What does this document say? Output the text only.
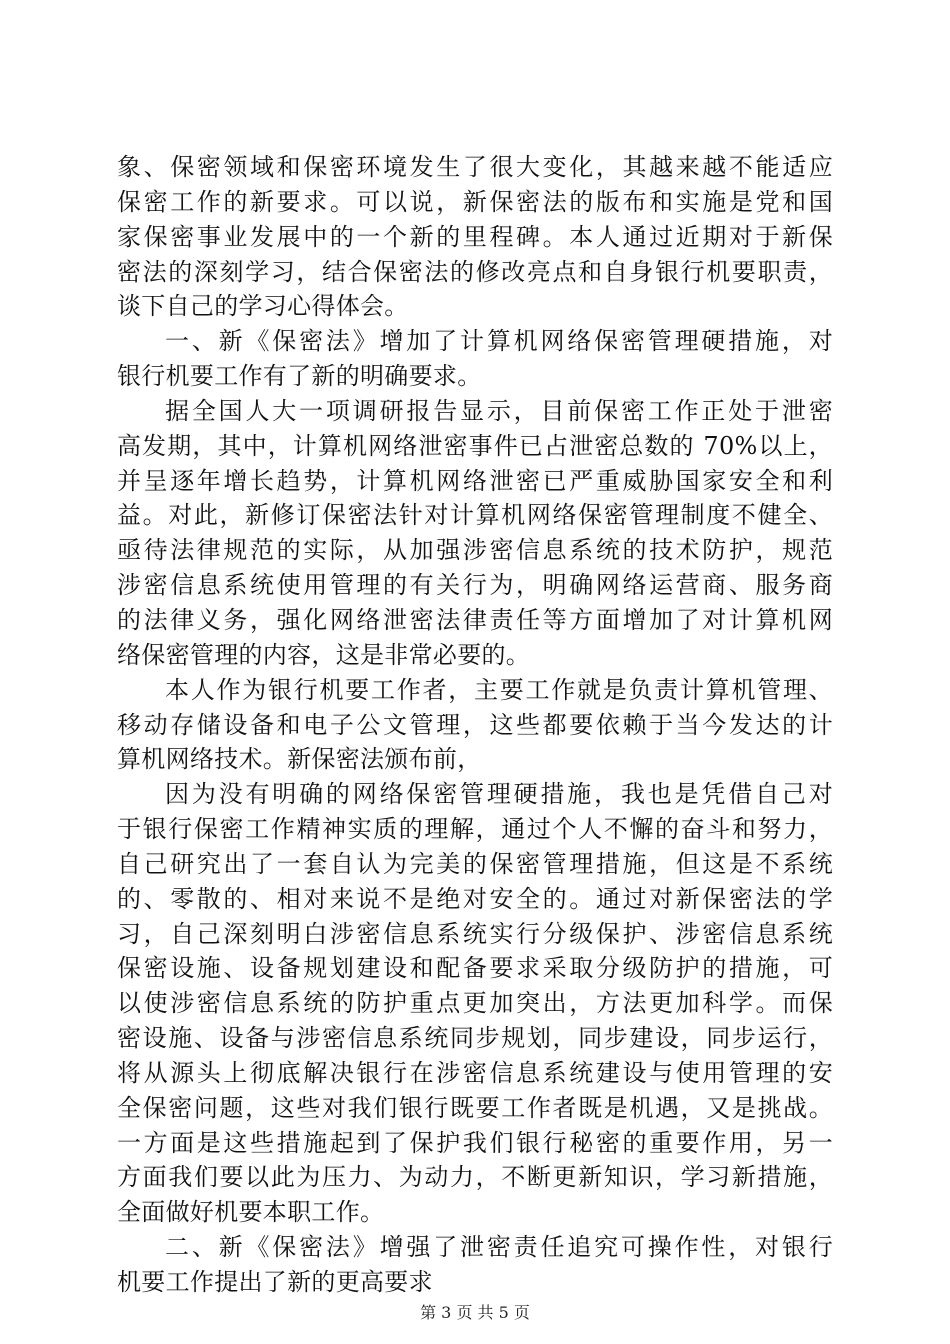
象、保密领域和保密环境发生了很大变化，其越来越不能适应
保密工作的新要求。可以说，新保密法的版布和实施是党和国
家保密事业发展中的一个新的里程碑。本人通过近期对于新保
密法的深刻学习，结合保密法的修改亮点和自身银行机要职责，
谈下自己的学习心得体会。
一、新《保密法》增加了计算机网络保密管理硬措施，对
银行机要工作有了新的明确要求。
据全国人大一项调研报告显示，目前保密工作正处于泄密
高发期，其中，计算机网络泄密事件已占泄密总数的 70%以上，
并呈逐年增长趋势，计算机网络泄密已严重威胁国家安全和利
益。对此，新修订保密法针对计算机网络保密管理制度不健全、
亟待法律规范的实际，从加强涉密信息系统的技术防护，规范
涉密信息系统使用管理的有关行为，明确网络运营商、服务商
的法律义务，强化网络泄密法律责任等方面增加了对计算机网
络保密管理的内容，这是非常必要的。
本人作为银行机要工作者，主要工作就是负责计算机管理、
移动存储设备和电子公文管理，这些都要依赖于当今发达的计
算机网络技术。新保密法颁布前，
因为没有明确的网络保密管理硬措施，我也是凭借自己对
于银行保密工作精神实质的理解，通过个人不懈的奋斗和努力，
自己研究出了一套自认为完美的保密管理措施，但这是不系统
的、零散的、相对来说不是绝对安全的。通过对新保密法的学
习，自己深刻明白涉密信息系统实行分级保护、涉密信息系统
保密设施、设备规划建设和配备要求采取分级防护的措施，可
以使涉密信息系统的防护重点更加突出，方法更加科学。而保
密设施、设备与涉密信息系统同步规划，同步建设，同步运行，
将从源头上彻底解决银行在涉密信息系统建设与使用管理的安
全保密问题，这些对我们银行既要工作者既是机遇，又是挑战。
一方面是这些措施起到了保护我们银行秘密的重要作用，另一
方面我们要以此为压力、为动力，不断更新知识，学习新措施，
全面做好机要本职工作。
二、新《保密法》增强了泄密责任追究可操作性，对银行
机要工作提出了新的更高要求
第 3 页 共 5 页
